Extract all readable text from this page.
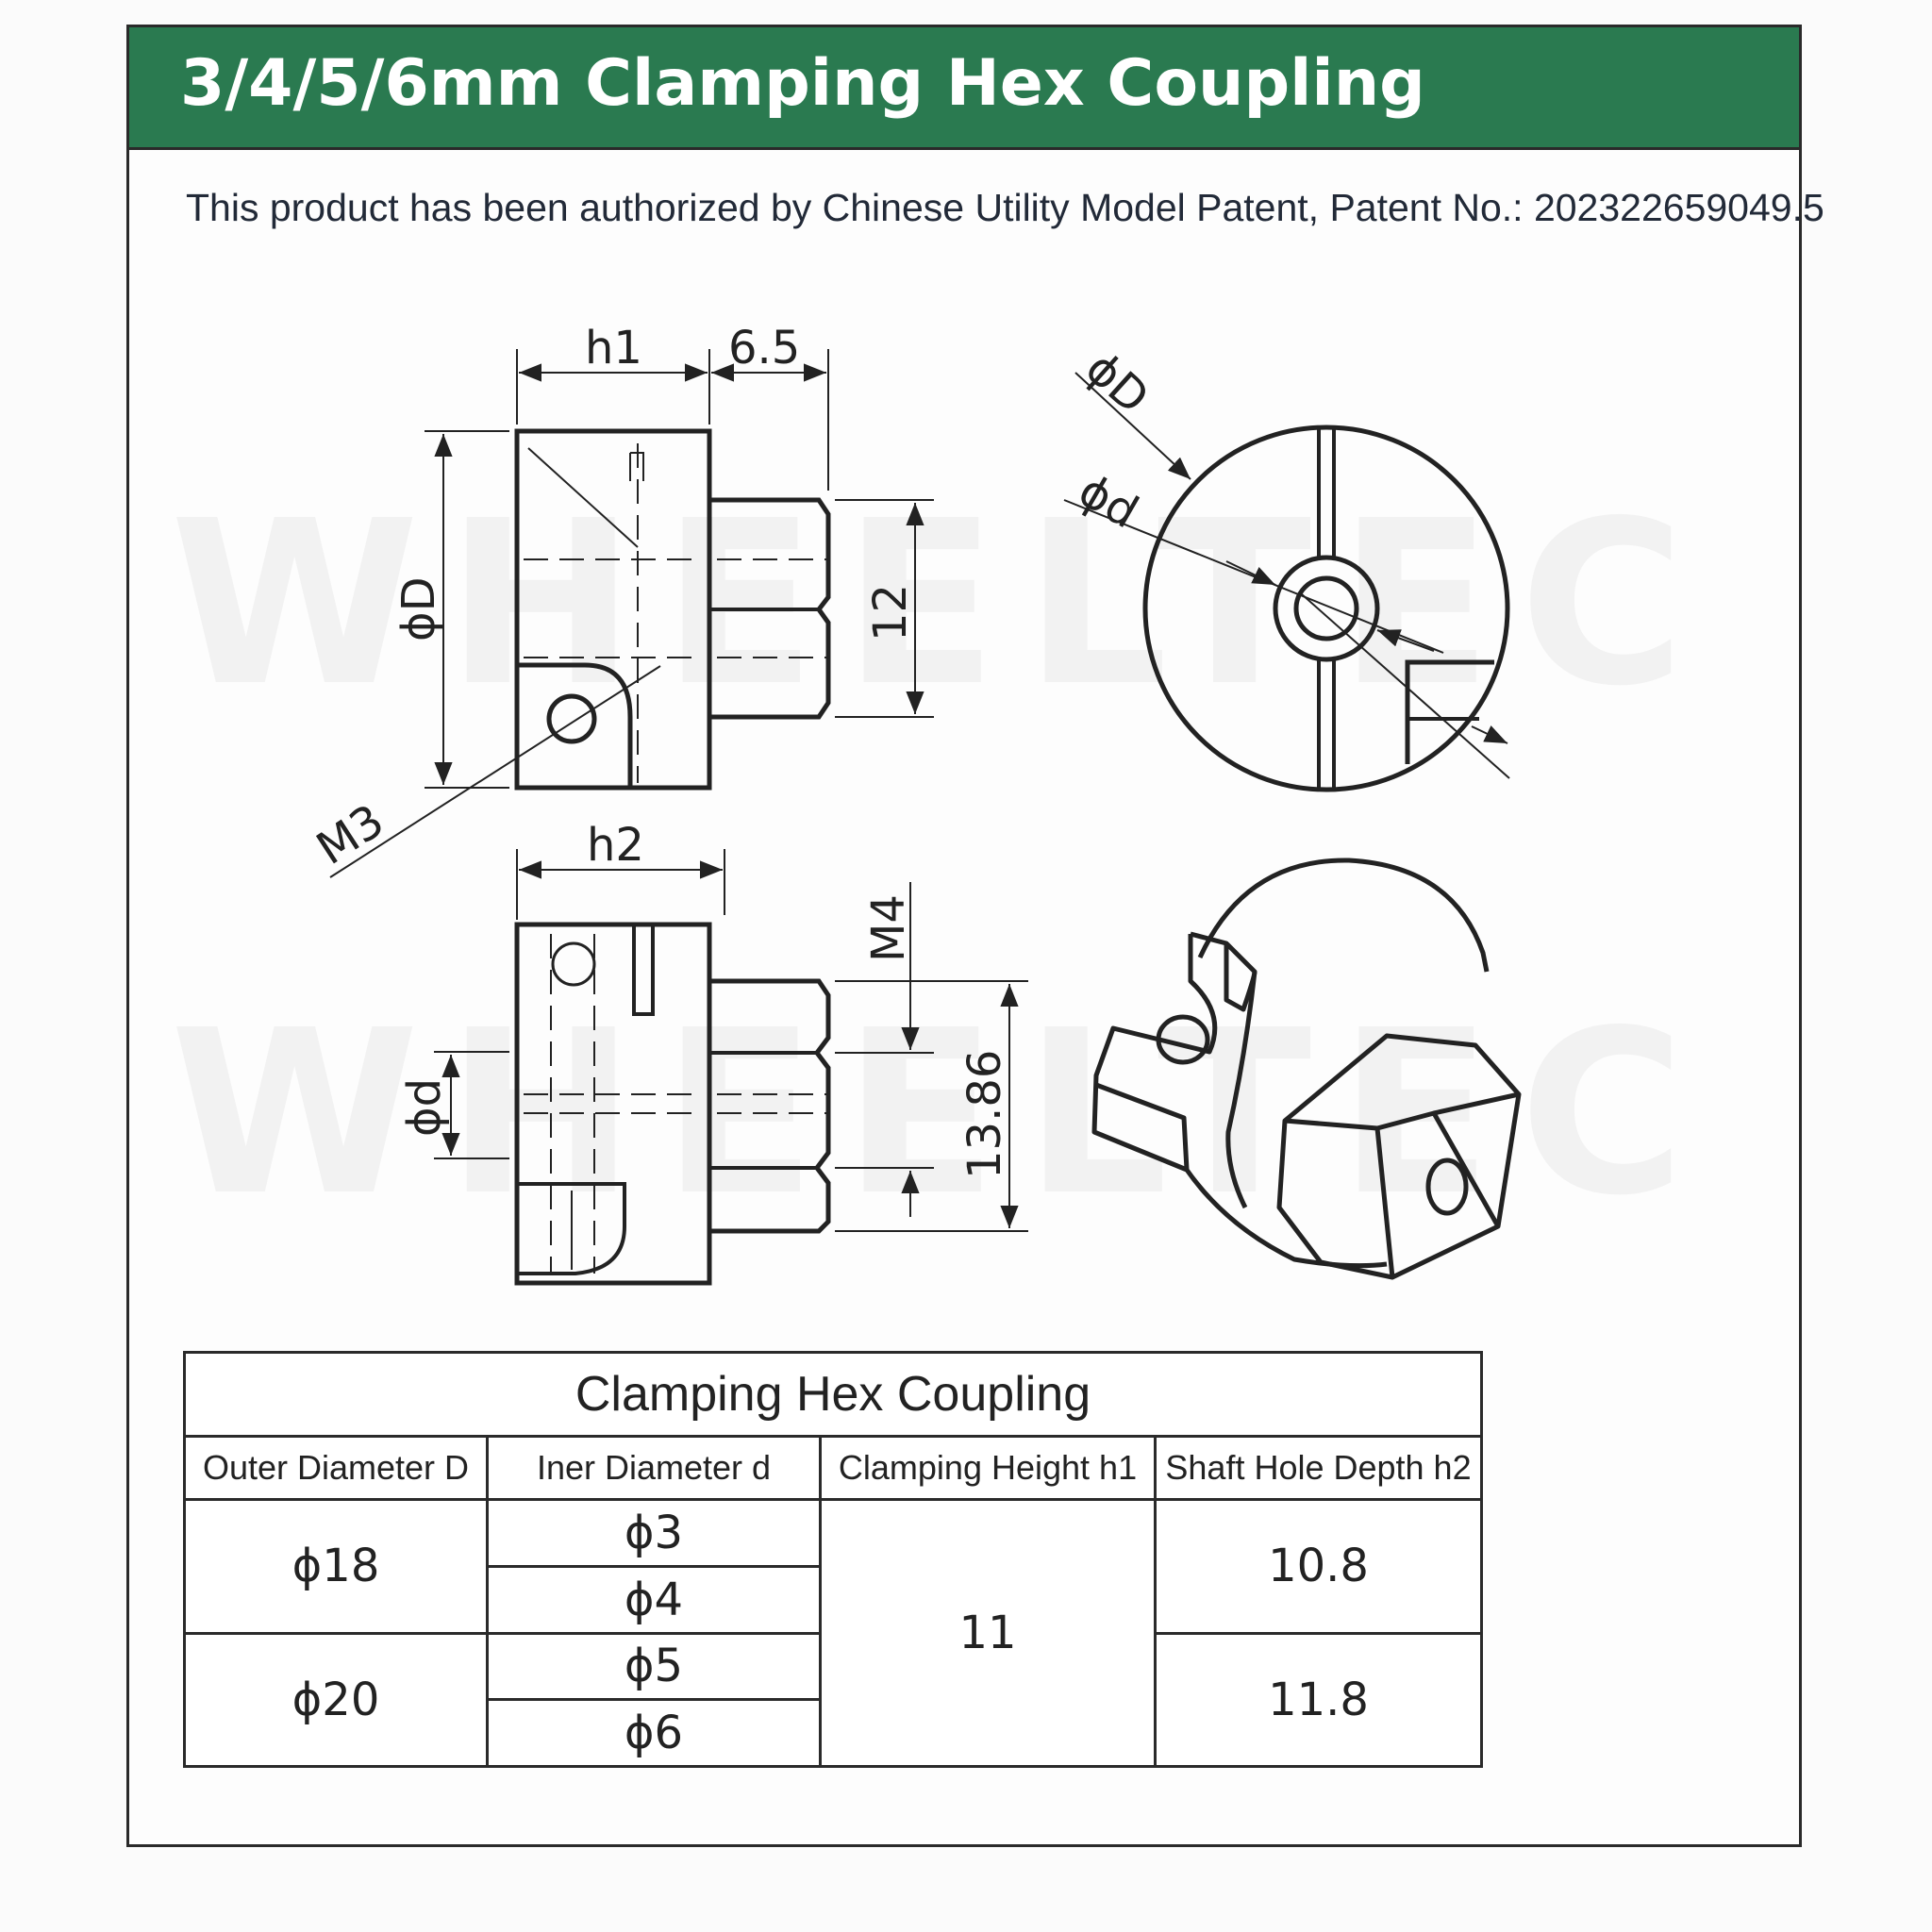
3/4/5/6mm Clamping Hex Coupling
This product has been authorized by Chinese Utility Model Patent, Patent No.: 202322659049.5
h1 6.5
ϕD	12
M3
ϕD
ϕd
h2
M4
ϕd	13.86
Clamping Hex Coupling			
Outer Diameter D	Iner Diameter d	Clamping Height h1	Shaft Hole Depth h2
ϕ18	ϕ3	11	10.8
	ϕ4		
ϕ20	ϕ5		11.8
	ϕ6		
